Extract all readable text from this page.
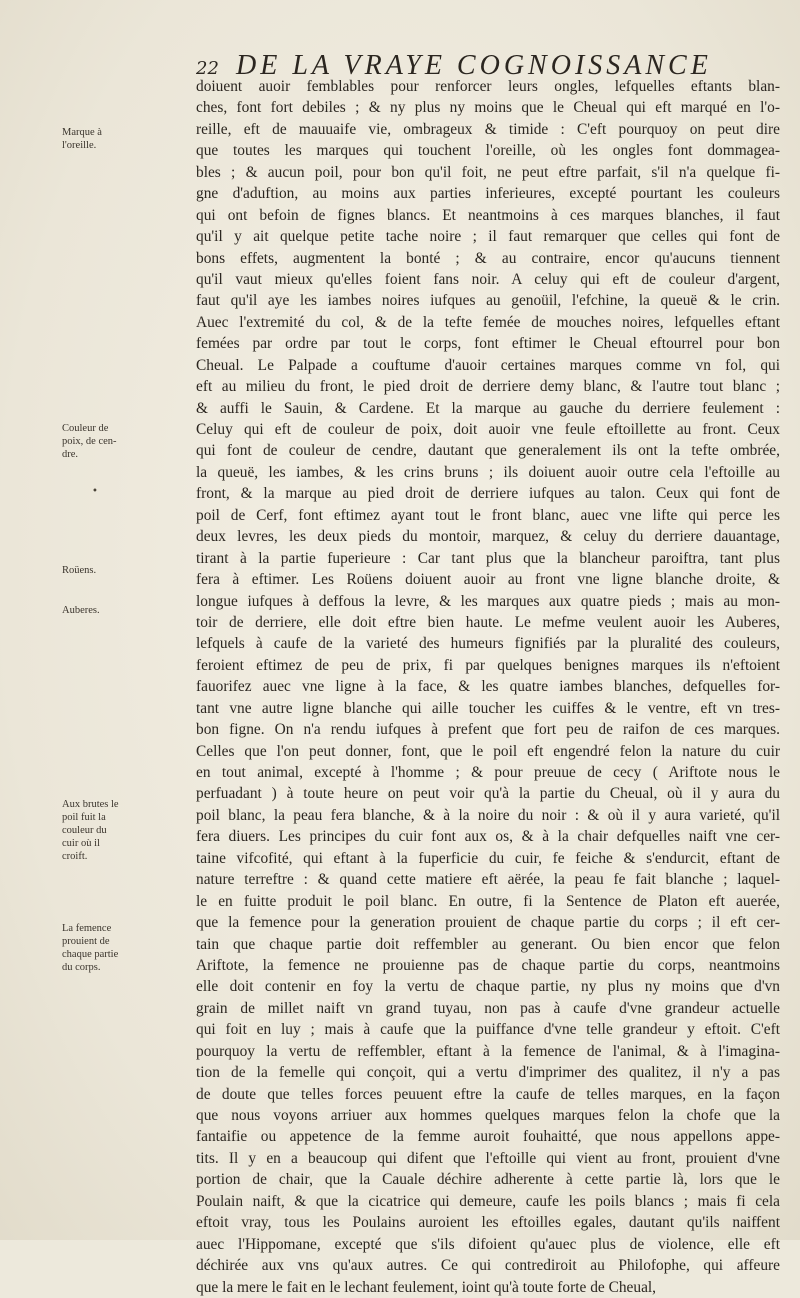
22 DE LA VRAYE COGNOISSANCE
doiuent auoir femblables pour renforcer leurs ongles, lefquelles eftants blan-
ches, font fort debiles ; & ny plus ny moins que le Cheual qui eft marqué en l'o-
reille, eft de mauuaife vie, ombrageux & timide : C'eft pourquoy on peut dire
que toutes les marques qui touchent l'oreille, où les ongles font dommagea-
bles ; & aucun poil, pour bon qu'il foit, ne peut eftre parfait, s'il n'a quelque fi-
gne d'aduftion, au moins aux parties inferieures, excepté pourtant les couleurs
qui ont befoin de fignes blancs. Et neantmoins à ces marques blanches, il faut
qu'il y ait quelque petite tache noire ; il faut remarquer que celles qui font de
bons effets, augmentent la bonté ; & au contraire, encor qu'aucuns tiennent
qu'il vaut mieux qu'elles foient fans noir. A celuy qui eft de couleur d'argent,
faut qu'il aye les iambes noires iufques au genoüil, l'efchine, la queuë & le crin.
Auec l'extremité du col, & de la tefte femée de mouches noires, lefquelles eftant
femées par ordre par tout le corps, font eftimer le Cheual eftourrel pour bon
Cheual. Le Palpade a couftume d'auoir certaines marques comme vn fol, qui
eft au milieu du front, le pied droit de derriere demy blanc, & l'autre tout blanc ;
& auffi le Sauin, & Cardene. Et la marque au gauche du derriere feulement :
Celuy qui eft de couleur de poix, doit auoir vne feule eftoillette au front. Ceux
qui font de couleur de cendre, dautant que generalement ils ont la tefte ombrée,
la queuë, les iambes, & les crins bruns ; ils doiuent auoir outre cela l'eftoille au
front, & la marque au pied droit de derriere iufques au talon. Ceux qui font de
poil de Cerf, font eftimez ayant tout le front blanc, auec vne lifte qui perce les
deux levres, les deux pieds du montoir, marquez, & celuy du derriere dauantage,
tirant à la partie fuperieure : Car tant plus que la blancheur paroiftra, tant plus
fera à eftimer. Les Roüens doiuent auoir au front vne ligne blanche droite, &
longue iufques à deffous la levre, & les marques aux quatre pieds ; mais au mon-
toir de derriere, elle doit eftre bien haute. Le mefme veulent auoir les Auberes,
lefquels à caufe de la varieté des humeurs fignifiés par la pluralité des couleurs,
feroient eftimez de peu de prix, fi par quelques benignes marques ils n'eftoient
fauorifez auec vne ligne à la face, & les quatre iambes blanches, defquelles for-
tant vne autre ligne blanche qui aille toucher les cuiffes & le ventre, eft vn tres-
bon figne. On n'a rendu iufques à prefent que fort peu de raifon de ces marques.
Celles que l'on peut donner, font, que le poil eft engendré felon la nature du cuir
en tout animal, excepté à l'homme ; & pour preuue de cecy ( Ariftote nous le
perfuadant ) à toute heure on peut voir qu'à la partie du Cheual, où il y aura du
poil blanc, la peau fera blanche, & à la noire du noir : & où il y aura varieté, qu'il
fera diuers. Les principes du cuir font aux os, & à la chair defquelles naift vne cer-
taine vifcofité, qui eftant à la fuperficie du cuir, fe feiche & s'endurcit, eftant de
nature terreftre : & quand cette matiere eft aërée, la peau fe fait blanche ; laquel-
le en fuitte produit le poil blanc. En outre, fi la Sentence de Platon eft auerée,
que la femence pour la generation prouient de chaque partie du corps ; il eft cer-
tain que chaque partie doit reffembler au generant. Ou bien encor que felon
Ariftote, la femence ne prouienne pas de chaque partie du corps, neantmoins
elle doit contenir en foy la vertu de chaque partie, ny plus ny moins que d'vn
grain de millet naift vn grand tuyau, non pas à caufe d'vne grandeur actuelle
qui foit en luy ; mais à caufe que la puiffance d'vne telle grandeur y eftoit. C'eft
pourquoy la vertu de reffembler, eftant à la femence de l'animal, & à l'imagina-
tion de la femelle qui conçoit, qui a vertu d'imprimer des qualitez, il n'y a pas
de doute que telles forces peuuent eftre la caufe de telles marques, en la façon
que nous voyons arriuer aux hommes quelques marques felon la chofe que la
fantaifie ou appetence de la femme auroit fouhaitté, que nous appellons appe-
tits. Il y en a beaucoup qui difent que l'eftoille qui vient au front, prouient d'vne
portion de chair, que la Cauale déchire adherente à cette partie là, lors que le
Poulain naift, & que la cicatrice qui demeure, caufe les poils blancs ; mais fi cela
eftoit vray, tous les Poulains auroient les eftoilles egales, dautant qu'ils naiffent
auec l'Hippomane, excepté que s'ils difoient qu'auec plus de violence, elle eft
déchirée aux vns qu'aux autres. Ce qui contrediroit au Philofophe, qui affeure
que la mere le fait en le lechant feulement, ioint qu'à toute forte de Cheual,
Marque à
l'oreille.
Couleur de
poix, de cen-
dre.
•
Roüens.
Auberes.
Aux brutes le
poil fuit la
couleur du
cuir où il
croift.
La femence
prouient de
chaque partie
du corps.
